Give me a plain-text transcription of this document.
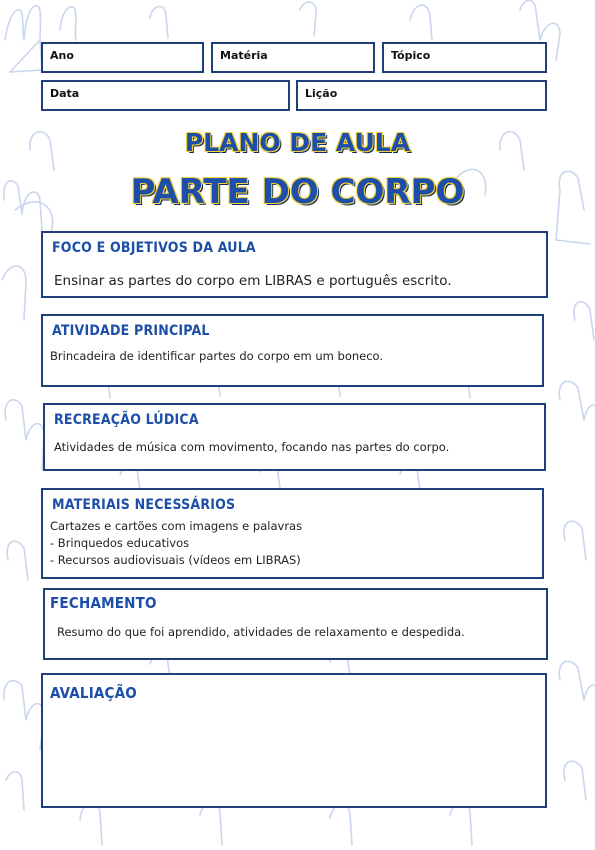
Ano	Matéria	Tópico
Data	Lição
PLANO DE AULA
PARTE DO CORPO
FOCO E OBJETIVOS DA AULA
Ensinar as partes do corpo em LIBRAS e português escrito.
ATIVIDADE PRINCIPAL
Brincadeira de identificar partes do corpo em um boneco.
RECREAÇÃO LÚDICA
Atividades de música com movimento, focando nas partes do corpo.
MATERIAIS NECESSÁRIOS
Cartazes e cartões com imagens e palavras
- Brinquedos educativos
- Recursos audiovisuais (vídeos em LIBRAS)
FECHAMENTO
Resumo do que foi aprendido, atividades de relaxamento e despedida.
AVALIAÇÃO
